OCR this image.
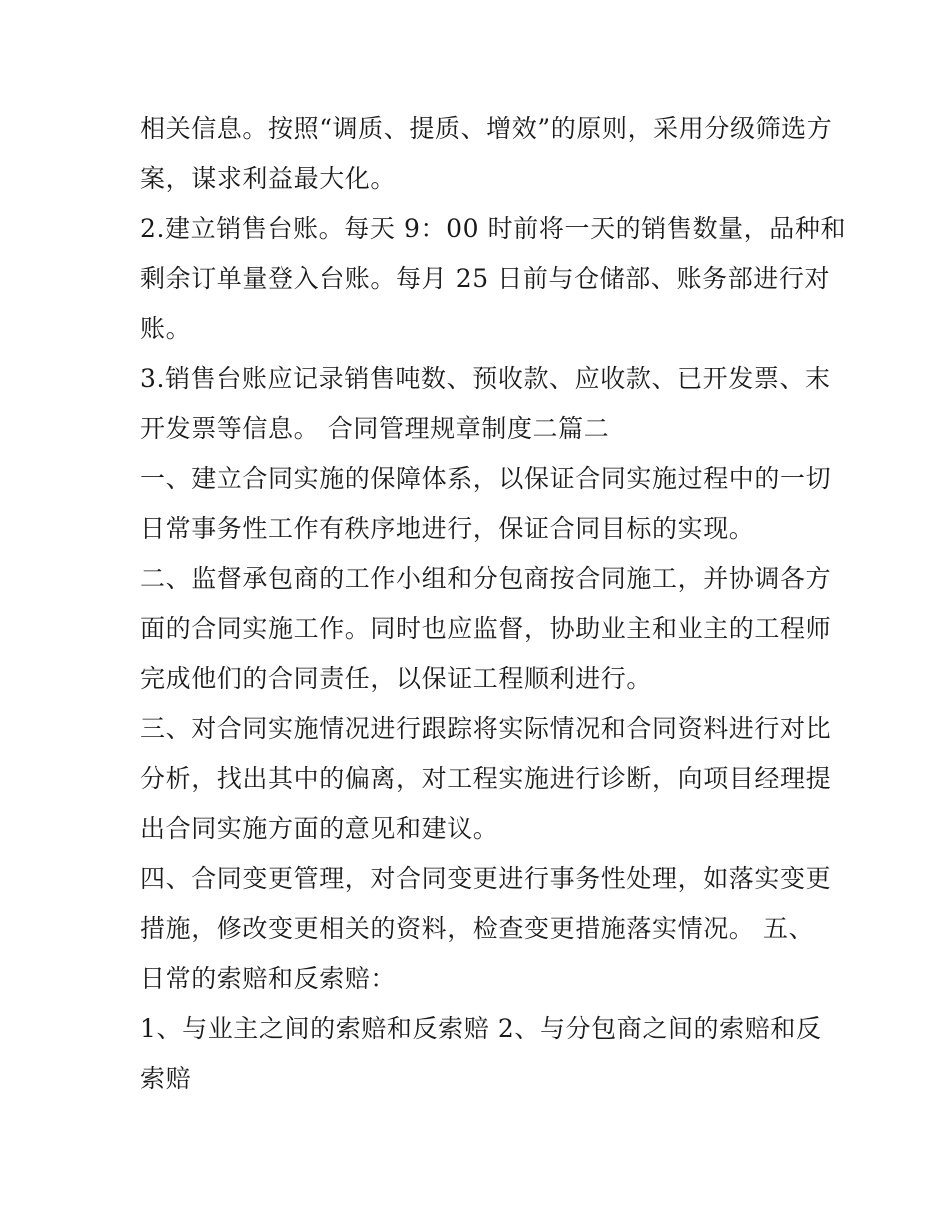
相关信息。按照“调质、提质、增效”的原则，采用分级筛选方
案，谋求利益最大化。
2.建立销售台账。每天 9：00 时前将一天的销售数量，品种和
剩余订单量登入台账。每月 25 日前与仓储部、账务部进行对
账。
3.销售台账应记录销售吨数、预收款、应收款、已开发票、末
开发票等信息。 合同管理规章制度二篇二
一、建立合同实施的保障体系，以保证合同实施过程中的一切
日常事务性工作有秩序地进行，保证合同目标的实现。
二、监督承包商的工作小组和分包商按合同施工，并协调各方
面的合同实施工作。同时也应监督，协助业主和业主的工程师
完成他们的合同责任，以保证工程顺利进行。
三、对合同实施情况进行跟踪将实际情况和合同资料进行对比
分析，找出其中的偏离，对工程实施进行诊断，向项目经理提
出合同实施方面的意见和建议。
四、合同变更管理，对合同变更进行事务性处理，如落实变更
措施，修改变更相关的资料，检查变更措施落实情况。 五、
日常的索赔和反索赔：
1、与业主之间的索赔和反索赔 2、与分包商之间的索赔和反
索赔
